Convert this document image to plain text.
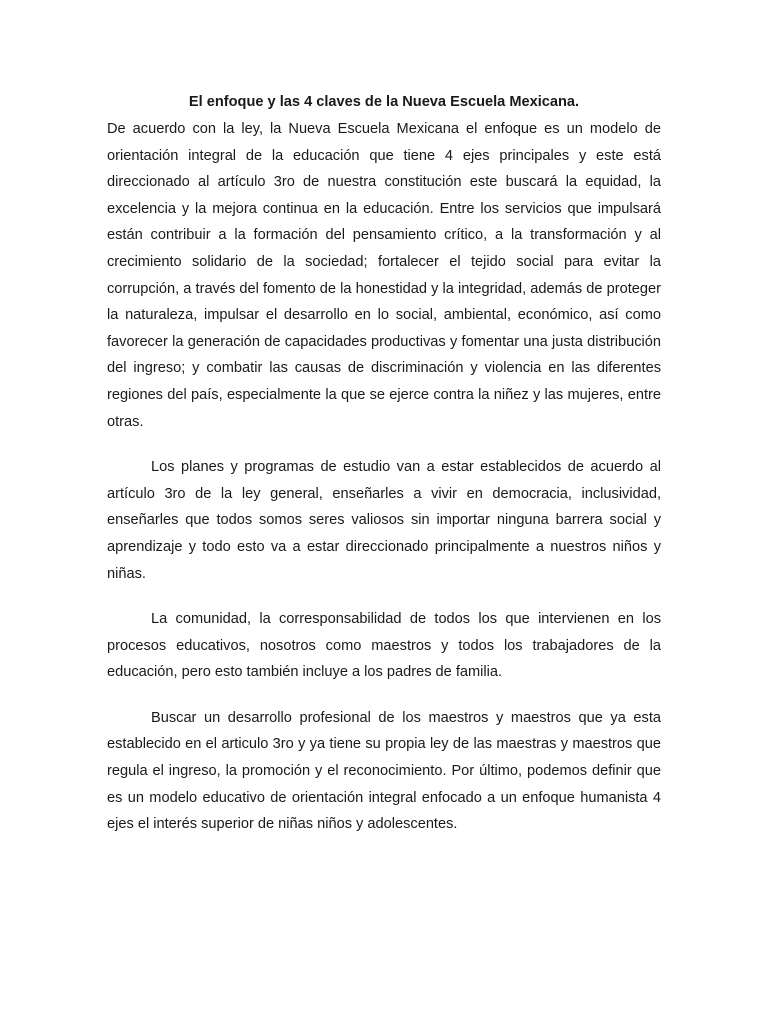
El enfoque y las 4 claves de la Nueva Escuela Mexicana.

De acuerdo con la ley, la Nueva Escuela Mexicana el enfoque es un modelo de orientación integral de la educación que tiene 4 ejes principales y este está direccionado al artículo 3ro de nuestra constitución este buscará la equidad, la excelencia y la mejora continua en la educación. Entre los servicios que impulsará están contribuir a la formación del pensamiento crítico, a la transformación y al crecimiento solidario de la sociedad; fortalecer el tejido social para evitar la corrupción, a través del fomento de la honestidad y la integridad, además de proteger la naturaleza, impulsar el desarrollo en lo social, ambiental, económico, así como favorecer la generación de capacidades productivas y fomentar una justa distribución del ingreso; y combatir las causas de discriminación y violencia en las diferentes regiones del país, especialmente la que se ejerce contra la niñez y las mujeres, entre otras.

Los planes y programas de estudio van a estar establecidos de acuerdo al artículo 3ro de la ley general, enseñarles a vivir en democracia, inclusividad, enseñarles que todos somos seres valiosos sin importar ninguna barrera social y aprendizaje y todo esto va a estar direccionado principalmente a nuestros niños y niñas.

La comunidad, la corresponsabilidad de todos los que intervienen en los procesos educativos, nosotros como maestros y todos los trabajadores de la educación, pero esto también incluye a los padres de familia.

Buscar un desarrollo profesional de los maestros y maestros que ya esta establecido en el articulo 3ro y ya tiene su propia ley de las maestras y maestros que regula el ingreso, la promoción y el reconocimiento. Por último, podemos definir que es un modelo educativo de orientación integral enfocado a un enfoque humanista 4 ejes el interés superior de niñas niños y adolescentes.
